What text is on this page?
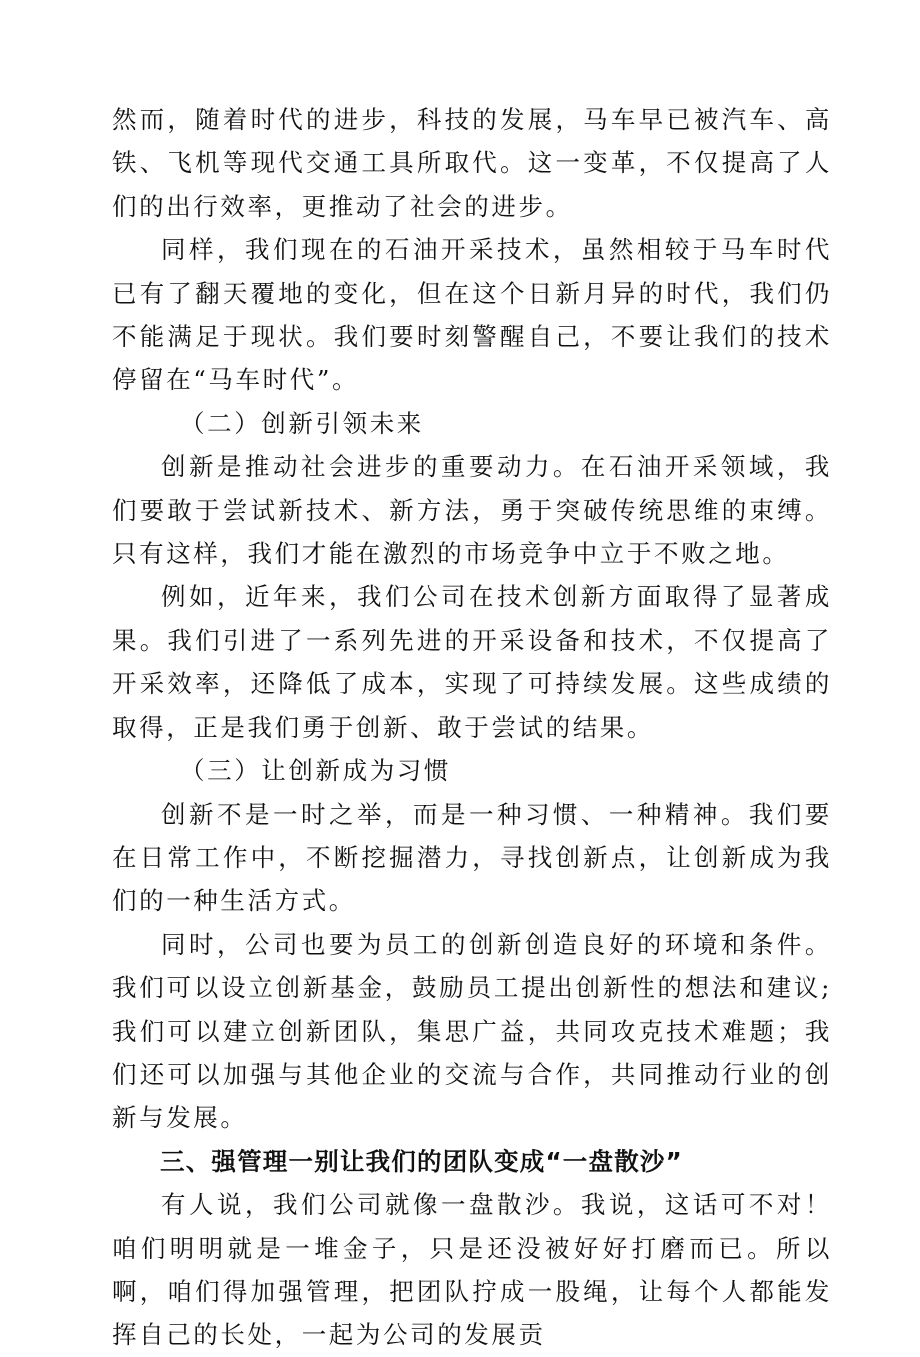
然而，随着时代的进步，科技的发展，马车早已被汽车、高铁、飞机等现代交通工具所取代。这一变革，不仅提高了人们的出行效率，更推动了社会的进步。

同样，我们现在的石油开采技术，虽然相较于马车时代已有了翻天覆地的变化，但在这个日新月异的时代，我们仍不能满足于现状。我们要时刻警醒自己，不要让我们的技术停留在“马车时代”。

（二）创新引领未来

创新是推动社会进步的重要动力。在石油开采领域，我们要敢于尝试新技术、新方法，勇于突破传统思维的束缚。只有这样，我们才能在激烈的市场竞争中立于不败之地。

例如，近年来，我们公司在技术创新方面取得了显著成果。我们引进了一系列先进的开采设备和技术，不仅提高了开采效率，还降低了成本，实现了可持续发展。这些成绩的取得，正是我们勇于创新、敢于尝试的结果。

（三）让创新成为习惯

创新不是一时之举，而是一种习惯、一种精神。我们要在日常工作中，不断挖掘潜力，寻找创新点，让创新成为我们的一种生活方式。

同时，公司也要为员工的创新创造良好的环境和条件。我们可以设立创新基金，鼓励员工提出创新性的想法和建议;我们可以建立创新团队，集思广益，共同攻克技术难题；我们还可以加强与其他企业的交流与合作，共同推动行业的创新与发展。

三、强管理一别让我们的团队变成“一盘散沙”

有人说，我们公司就像一盘散沙。我说，这话可不对！咱们明明就是一堆金子，只是还没被好好打磨而已。所以啊，咱们得加强管理，把团队拧成一股绳，让每个人都能发挥自己的长处，一起为公司的发展贡
